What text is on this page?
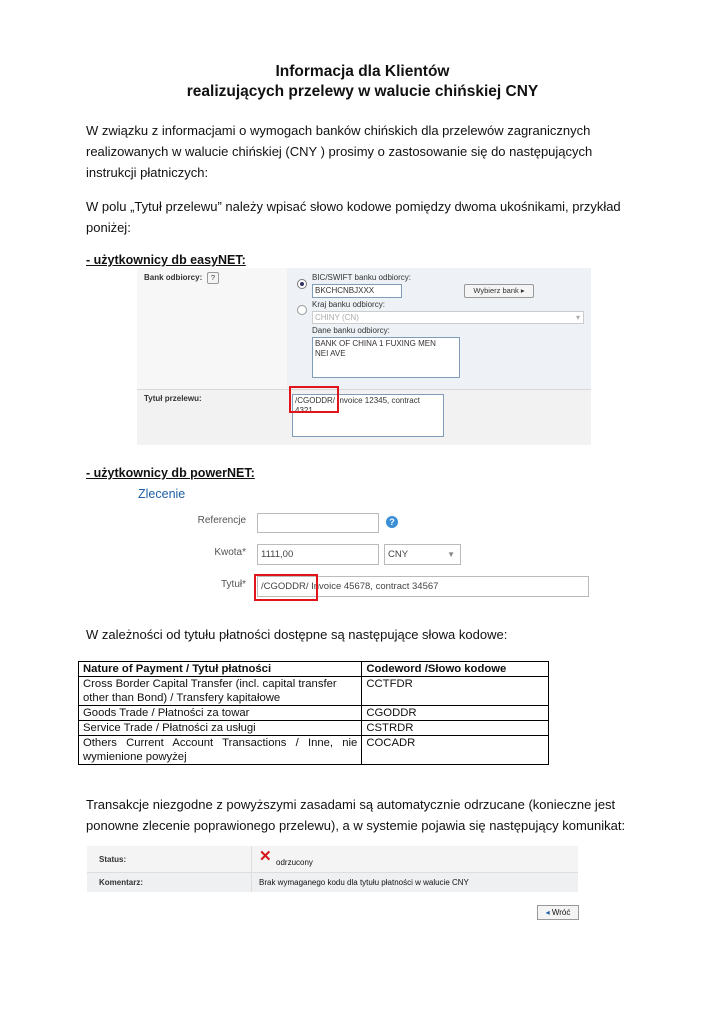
Informacja dla Klientów
realizujących przelewy w walucie chińskiej CNY
W związku z informacjami o wymogach banków chińskich dla przelewów zagranicznych realizowanych w walucie chińskiej (CNY ) prosimy o zastosowanie się do następujących instrukcji płatniczych:
W polu „Tytuł przelewu” należy wpisać słowo kodowe pomiędzy dwoma ukośnikami, przykład poniżej:
- użytkownicy db easyNET:
Bank odbiorcy:	?	BIC/SWIFT banku odbiorcy:
BKCHCNBJXXX	Wybierz bank ▸
Kraj banku odbiorcy:
CHINY (CN)	▾
Dane banku odbiorcy:
BANK OF CHINA 1 FUXING MEN NEI AVE
Tytuł przelewu:	/CGODDR/ Invoice 12345, contract 4321
- użytkownicy db powerNET:
Zlecenie
Referencje	?
Kwota*	1111,00	CNY	▼
Tytuł*	/CGODDR/ Invoice 45678, contract 34567
W zależności od tytułu płatności dostępne są następujące słowa kodowe:
Nature of Payment / Tytuł płatności	Codeword /Słowo kodowe
Cross Border Capital Transfer (incl. capital transfer other than Bond) / Transfery kapitałowe	CCTFDR
Goods Trade / Płatności za towar	CGODDR
Service Trade / Płatności za usługi	CSTRDR
Others Current Account Transactions / Inne, nie wymienione powyżej	COCADR
Transakcje niezgodne z powyższymi zasadami są automatycznie odrzucane (konieczne jest ponowne zlecenie poprawionego przelewu), a w systemie pojawia się następujący komunikat:
Status:	✕ odrzucony
Komentarz:	Brak wymaganego kodu dla tytułu płatności w walucie CNY
◂ Wróć
